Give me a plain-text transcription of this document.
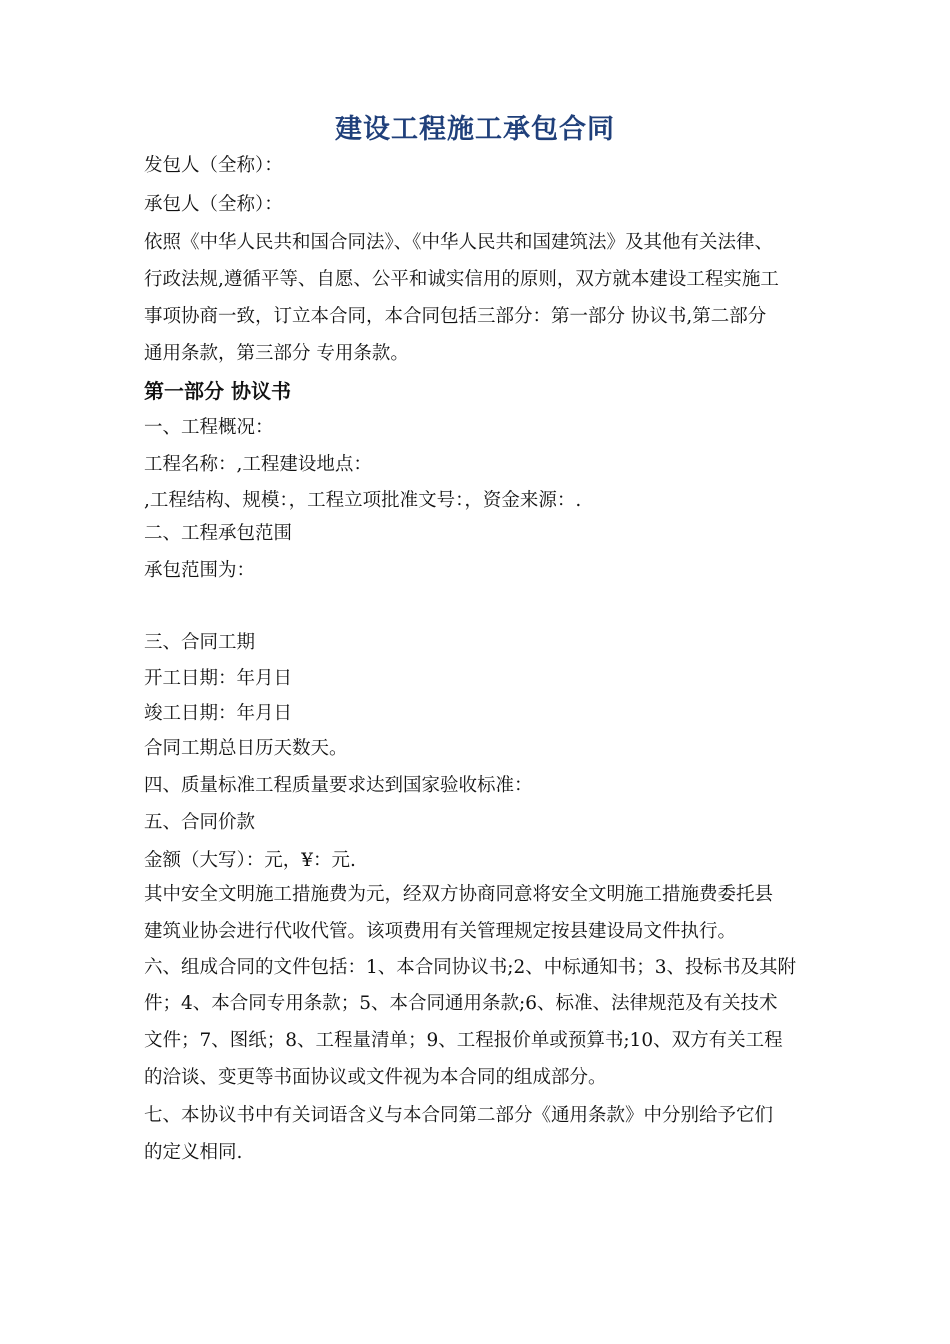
建设工程施工承包合同
发包人（全称）：
承包人（全称）：
依照《中华人民共和国合同法》、《中华人民共和国建筑法》及其他有关法律、
行政法规,遵循平等、自愿、公平和诚实信用的原则，双方就本建设工程实施工
事项协商一致，订立本合同，本合同包括三部分：第一部分 协议书,第二部分
通用条款，第三部分 专用条款。
第一部分 协议书
一、工程概况：
工程名称：,工程建设地点：
,工程结构、规模：，工程立项批准文号：，资金来源：.
二、工程承包范围
承包范围为：
三、合同工期
开工日期：年月日
竣工日期：年月日
合同工期总日历天数天。
四、质量标准工程质量要求达到国家验收标准：
五、合同价款
金额（大写）：元，¥：元.
其中安全文明施工措施费为元，经双方协商同意将安全文明施工措施费委托县
建筑业协会进行代收代管。该项费用有关管理规定按县建设局文件执行。
六、组成合同的文件包括：1、本合同协议书;2、中标通知书；3、投标书及其附
件；4、本合同专用条款；5、本合同通用条款;6、标准、法律规范及有关技术
文件；7、图纸；8、工程量清单；9、工程报价单或预算书;10、双方有关工程
的洽谈、变更等书面协议或文件视为本合同的组成部分。
七、本协议书中有关词语含义与本合同第二部分《通用条款》中分别给予它们
的定义相同.
